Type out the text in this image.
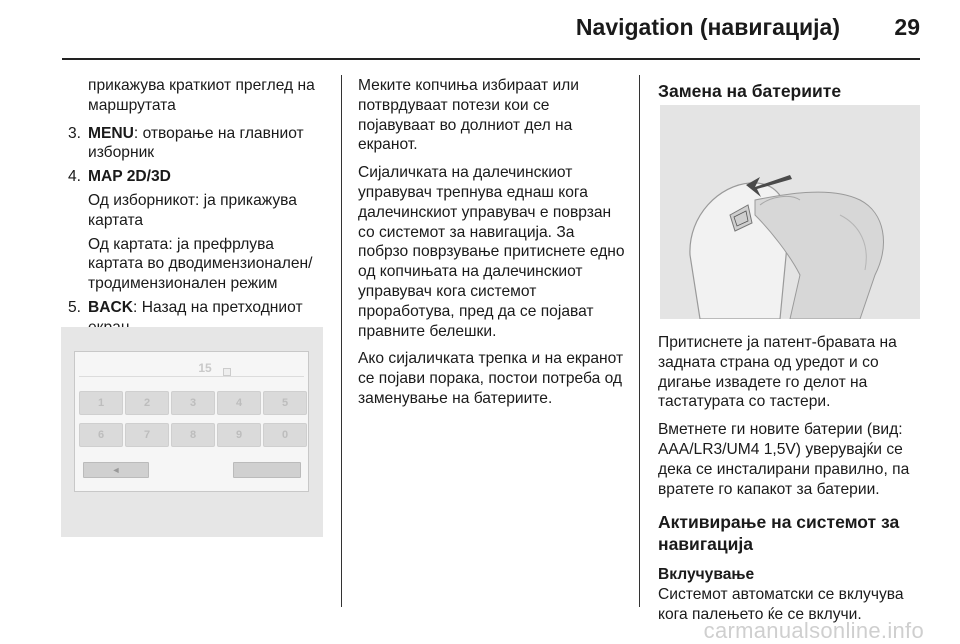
Navigation (навигација) 29

прикажува краткиот преглед на маршрутата

3. MENU: отворање на главниот изборник

4. MAP 2D/3D

Од изборникот: ја прикажува картата

Од картата: ја префрлува картата во дводимензионален/тродимензионален режим

5. BACK: Назад на претходниот

15
1	2	3	4	5
6	7	8	9	0
◄

Меките копчиња избираат или потврдуваат потези кои се појавуваат во долниот дел на екранот.

Сијаличката на далечинскиот управувач трепнува еднаш кога далечинскиот управувач е поврзан со системот за навигација. За побрзо поврзување притиснете едно од копчињата на далечинскиот управувач кога системот проработува, пред да се појават правните белешки.

Ако сијаличката трепка и на екранот се појави порака, постои потреба од заменување на батериите.

Замена на батериите

Притиснете ја патент-бравата на задната страна од уредот и со дигање извадете го делот на тастатурата со тастери.

Вметнете ги новите батерии (вид: AAA/LR3/UM4 1,5V) уверувајќи се дека се инсталирани правилно, па вратете го капакот за батерии.

Активирање на системот за навигација
Вклучување

Системот автоматски се вклучува кога палењето ќе се вклучи.

carmanualsonline.info
